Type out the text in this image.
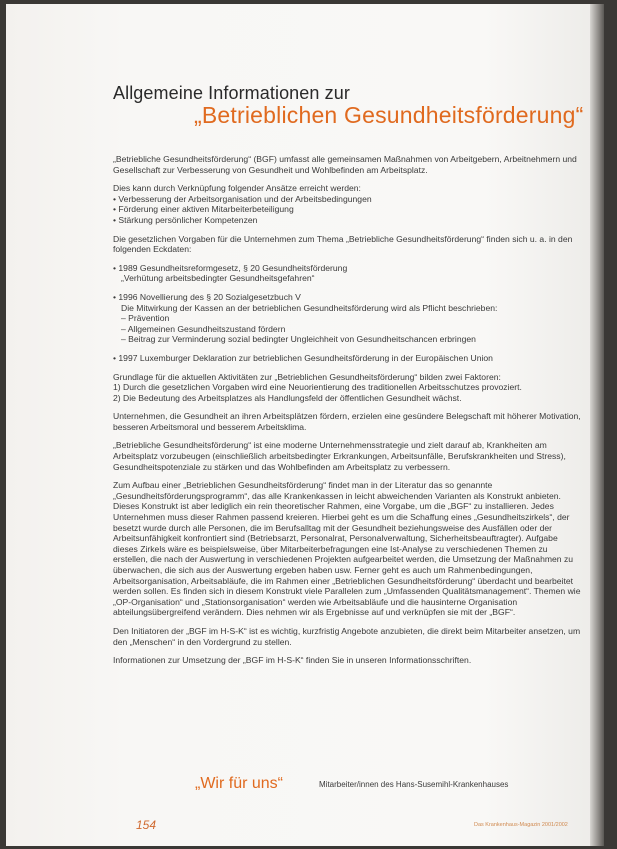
Allgemeine Informationen zur
„Betrieblichen Gesundheitsförderung“

„Betriebliche Gesundheitsförderung“ (BGF) umfasst alle gemeinsamen Maßnahmen von Arbeitgebern, Arbeitnehmern und Gesellschaft zur Verbesserung von Gesundheit und Wohlbefinden am Arbeitsplatz.

Dies kann durch Verknüpfung folgender Ansätze erreicht werden:
• Verbesserung der Arbeitsorganisation und der Arbeitsbedingungen
• Förderung einer aktiven Mitarbeiterbeteiligung
• Stärkung persönlicher Kompetenzen

Die gesetzlichen Vorgaben für die Unternehmen zum Thema „Betriebliche Gesundheitsförderung“ finden sich u. a. in den folgenden Eckdaten:

• 1989 Gesundheitsreformgesetz, § 20 Gesundheitsförderung
„Verhütung arbeitsbedingter Gesundheitsgefahren“
• 1996 Novellierung des § 20 Sozialgesetzbuch V
Die Mitwirkung der Kassen an der betrieblichen Gesundheitsförderung wird als Pflicht beschrieben:
– Prävention
– Allgemeinen Gesundheitszustand fördern
– Beitrag zur Verminderung sozial bedingter Ungleichheit von Gesundheitschancen erbringen
• 1997 Luxemburger Deklaration zur betrieblichen Gesundheitsförderung in der Europäischen Union
Grundlage für die aktuellen Aktivitäten zur „Betrieblichen Gesundheitsförderung“ bilden zwei Faktoren:
1) Durch die gesetzlichen Vorgaben wird eine Neuorientierung des traditionellen Arbeitsschutzes provoziert.
2) Die Bedeutung des Arbeitsplatzes als Handlungsfeld der öffentlichen Gesundheit wächst.

Unternehmen, die Gesundheit an ihren Arbeitsplätzen fördern, erzielen eine gesündere Belegschaft mit höherer Motivation, besseren Arbeitsmoral und besserem Arbeitsklima.

„Betriebliche Gesundheitsförderung“ ist eine moderne Unternehmensstrategie und zielt darauf ab, Krankheiten am Arbeitsplatz vorzubeugen (einschließlich arbeitsbedingter Erkrankungen, Arbeitsunfälle, Berufskrankheiten und Stress), Gesundheitspotenziale zu stärken und das Wohlbefinden am Arbeitsplatz zu verbessern.

Zum Aufbau einer „Betrieblichen Gesundheitsförderung“ findet man in der Literatur das so genannte „Gesundheitsförderungsprogramm“, das alle Krankenkassen in leicht abweichenden Varianten als Konstrukt anbieten. Dieses Konstrukt ist aber lediglich ein rein theoretischer Rahmen, eine Vorgabe, um die „BGF“ zu installieren. Jedes Unternehmen muss dieser Rahmen passend kreieren. Hierbei geht es um die Schaffung eines „Gesundheitszirkels“, der besetzt wurde durch alle Personen, die im Berufsalltag mit der Gesundheit beziehungsweise des Ausfällen oder der Arbeitsunfähigkeit konfrontiert sind (Betriebsarzt, Personalrat, Personalverwaltung, Sicherheitsbeauftragter). Aufgabe dieses Zirkels wäre es beispielsweise, über Mitarbeiterbefragungen eine Ist-Analyse zu verschiedenen Themen zu erstellen, die nach der Auswertung in verschiedenen Projekten aufgearbeitet werden, die Umsetzung der Maßnahmen zu überwachen, die sich aus der Auswertung ergeben haben usw. Ferner geht es auch um Rahmenbedingungen, Arbeitsorganisation, Arbeitsabläufe, die im Rahmen einer „Betrieblichen Gesundheitsförderung“ überdacht und bearbeitet werden sollen. Es finden sich in diesem Konstrukt viele Parallelen zum „Umfassenden Qualitätsmanagement“. Themen wie „OP-Organisation“ und „Stationsorganisation“ werden wie Arbeitsabläufe und die hausinterne Organisation abteilungsübergreifend verändern. Dies nehmen wir als Ergebnisse auf und verknüpfen sie mit der „BGF“.

Den Initiatoren der „BGF im H-S-K“ ist es wichtig, kurzfristig Angebote anzubieten, die direkt beim Mitarbeiter ansetzen, um den „Menschen“ in den Vordergrund zu stellen.

Informationen zur Umsetzung der „BGF im H-S-K“ finden Sie in unseren Informationsschriften.

„Wir für uns“	Mitarbeiter/innen des Hans-Susemihl-Krankenhauses
154	Das Krankenhaus-Magazin 2001/2002
